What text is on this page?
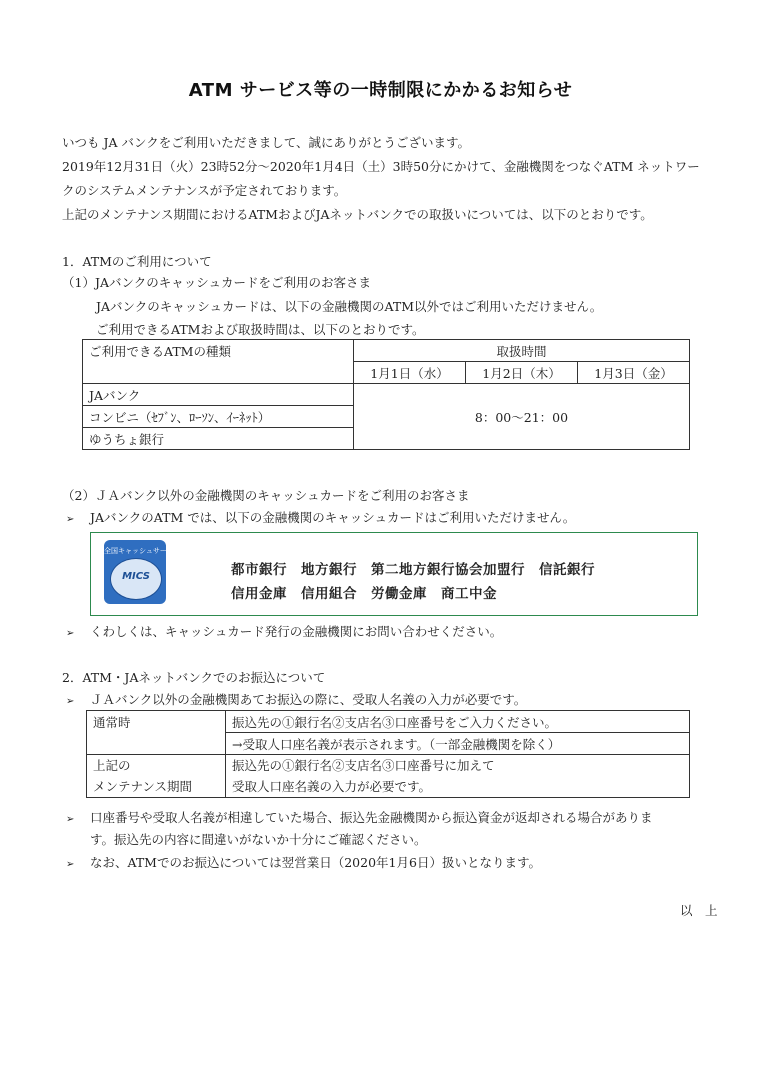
ATM サービス等の一時制限にかかるお知らせ
いつも JA バンクをご利用いただきまして、誠にありがとうございます。
2019年12月31日（火）23時52分～2020年1月4日（土）3時50分にかけて、金融機関をつなぐATM ネットワー
クのシステムメンテナンスが予定されております。
上記のメンテナンス期間におけるATMおよびJAネットバンクでの取扱いについては、以下のとおりです。
1．ATMのご利用について
（1）JAバンクのキャッシュカードをご利用のお客さま
JAバンクのキャッシュカードは、以下の金融機関のATM以外ではご利用いただけません。
ご利用できるATMおよび取扱時間は、以下のとおりです。
ご利用できるATMの種類	取扱時間		
	1月1日（水）	1月2日（木）	1月3日（金）
JAバンク	8：00～21：00		
コンビニ（ｾﾌﾞﾝ、ﾛｰｿﾝ、ｲｰﾈｯﾄ）			
ゆうちょ銀行			
（2）ＪＡバンク以外の金融機関のキャッシュカードをご利用のお客さま
➢ JAバンクのATM では、以下の金融機関のキャッシュカードはご利用いただけません。
全国キャッシュサービス
MICS	都市銀行　地方銀行　第二地方銀行協会加盟行　信託銀行
信用金庫　信用組合　労働金庫　商工中金
➢ くわしくは、キャッシュカード発行の金融機関にお問い合わせください。
2．ATM・JAネットバンクでのお振込について
➢ ＪＡバンク以外の金融機関あてお振込の際に、受取人名義の入力が必要です。
通常時	振込先の①銀行名②支店名③口座番号をご入力ください。
	→受取人口座名義が表示されます。（一部金融機関を除く）
上記の
メンテナンス期間	振込先の①銀行名②支店名③口座番号に加えて
受取人口座名義の入力が必要です。
➢ 口座番号や受取人名義が相違していた場合、振込先金融機関から振込資金が返却される場合がありま
す。振込先の内容に間違いがないか十分にご確認ください。
➢ なお、ATMでのお振込については翌営業日（2020年1月6日）扱いとなります。
以　上
